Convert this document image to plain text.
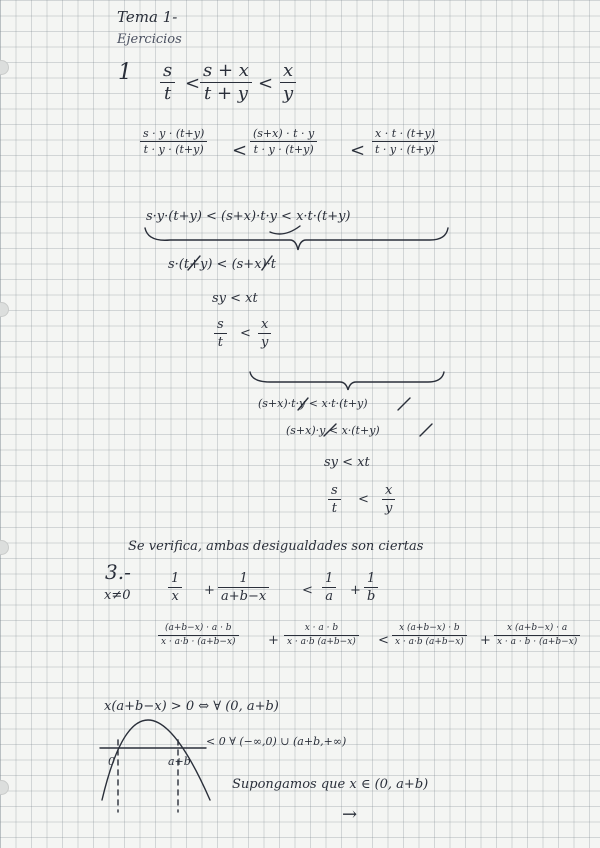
Tema 1-
Ejercicios
1 s
t <
s + x
t + y <
x
y
s · y · (t+y)
t · y · (t+y) <
(s+x) · t · y
t · y · (t+y) <
x · t · (t+y)
t · y · (t+y)
s·y·(t+y) < (s+x)·t·y < x·t·(t+y)
s·(t+y) < (s+x)·t
sy < xt
s
t
<
x
y
(s+x)·t·y < x·t·(t+y)
(s+x)·y < x·(t+y)
sy < xt
s
t
<
x
y
Se verifica, ambas desigualdades son ciertas
3.-
x≠0
1
x +
1
a+b−x	<
1
a +
1
b
(a+b−x) · a · b
x · a·b · (a+b−x) +
x · a · b
x · a·b (a+b−x) <
x (a+b−x) · b
x · a·b (a+b−x) +
x (a+b−x) · a
x · a · b · (a+b−x)
x(a+b−x) > 0 ⇔ ∀ (0, a+b)
< 0 ∀ (−∞,0) ∪ (a+b,+∞)
0	a+b
Supongamos que x ∈ (0, a+b)
→
